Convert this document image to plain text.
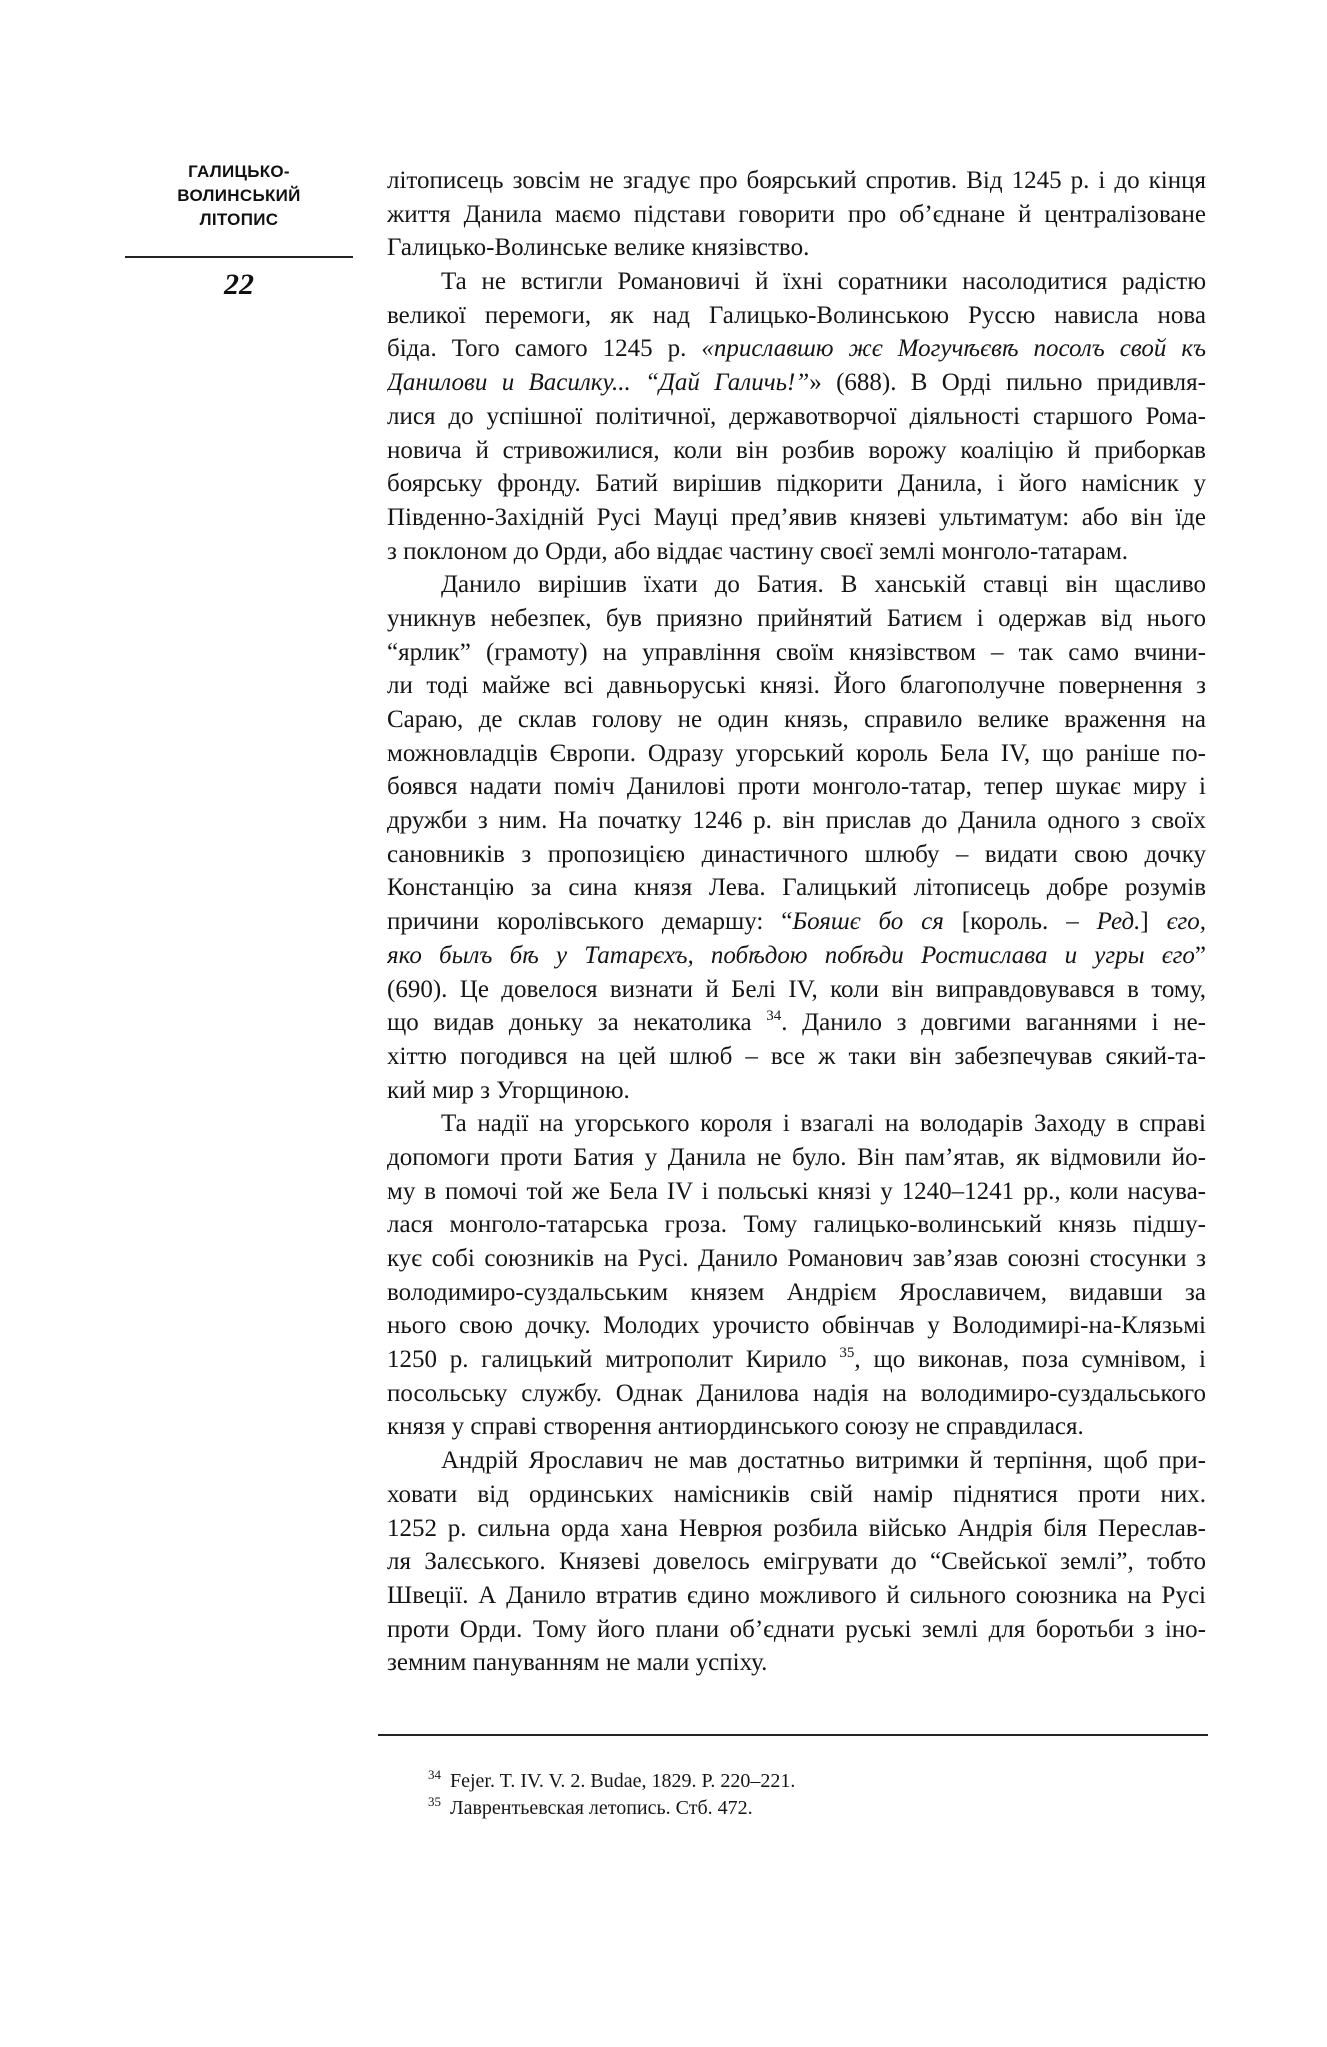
ГАЛИЦЬКО-
ВОЛИНСЬКИЙ
ЛІТОПИС
22
літописець зовсім не згадує про боярський спротив. Від 1245 р. і до кінця
життя Данила маємо підстави говорити про об’єднане й централізоване
Галицько-Волинське велике князівство.
Та не встигли Романовичі й їхні соратники насолодитися радістю
великої перемоги, як над Галицько-Волинською Руссю нависла нова
біда. Того самого 1245 р. «приславшю жє Могучѣєвѣ посолъ свой къ
Данилови и Василку... “Дай Галичь!”» (688). В Орді пильно придивля-
лися до успішної політичної, державотворчої діяльності старшого Рома-
новича й стривожилися, коли він розбив ворожу коаліцію й приборкав
боярську фронду. Батий вирішив підкорити Данила, і його намісник у
Південно-Західній Русі Мауці пред’явив князеві ультиматум: або він їде
з поклоном до Орди, або віддає частину своєї землі монголо-татарам.
Данило вирішив їхати до Батия. В ханській ставці він щасливо
уникнув небезпек, був приязно прийнятий Батиєм і одержав від нього
“ярлик” (грамоту) на управління своїм князівством – так само вчини-
ли тоді майже всі давньоруські князі. Його благополучне повернення з
Сараю, де склав голову не один князь, справило велике враження на
можновладців Європи. Одразу угорський король Бела IV, що раніше по-
боявся надати поміч Данилові проти монголо-татар, тепер шукає миру і
дружби з ним. На початку 1246 р. він прислав до Данила одного з своїх
сановників з пропозицією династичного шлюбу – видати свою дочку
Констанцію за сина князя Лева. Галицький літописець добре розумів
причини королівського демаршу: “Бояшє бо ся [король. – Ред.] єго,
яко былъ бѣ у Татарєхъ, побѣдою побѣди Ростислава и угры єго”
(690). Це довелося визнати й Белі IV, коли він виправдовувався в тому,
що видав доньку за некатолика $^{34}$. Данило з довгими ваганнями і не-
хіттю погодився на цей шлюб – все ж таки він забезпечував сякий-та-
кий мир з Угорщиною.
Та надії на угорського короля і взагалі на володарів Заходу в справі
допомоги проти Батия у Данила не було. Він пам’ятав, як відмовили йо-
му в помочі той же Бела IV і польські князі у 1240–1241 рр., коли насува-
лася монголо-татарська гроза. Тому галицько-волинський князь підшу-
кує собі союзників на Русі. Данило Романович зав’язав союзні стосунки з
володимиро-суздальським князем Андрієм Ярославичем, видавши за
нього свою дочку. Молодих урочисто обвінчав у Володимирі-на-Клязьмі
1250 р. галицький митрополит Кирило $^{35}$, що виконав, поза сумнівом, і
посольську службу. Однак Данилова надія на володимиро-суздальського
князя у справі створення антиординського союзу не справдилася.
Андрій Ярославич не мав достатньо витримки й терпіння, щоб при-
ховати від ординських намісників свій намір піднятися проти них.
1252 р. сильна орда хана Неврюя розбила військо Андрія біля Переслав-
ля Залєського. Князеві довелось емігрувати до “Свейської землі”, тобто
Швеції. А Данило втратив єдино можливого й сильного союзника на Русі
проти Орди. Тому його плани об’єднати руські землі для боротьби з іно-
земним пануванням не мали успіху.
$^{34}$ Fejer. T. IV. V. 2. Budae, 1829. P. 220–221.
$^{35}$ Лаврентьевская летопись. Стб. 472.
